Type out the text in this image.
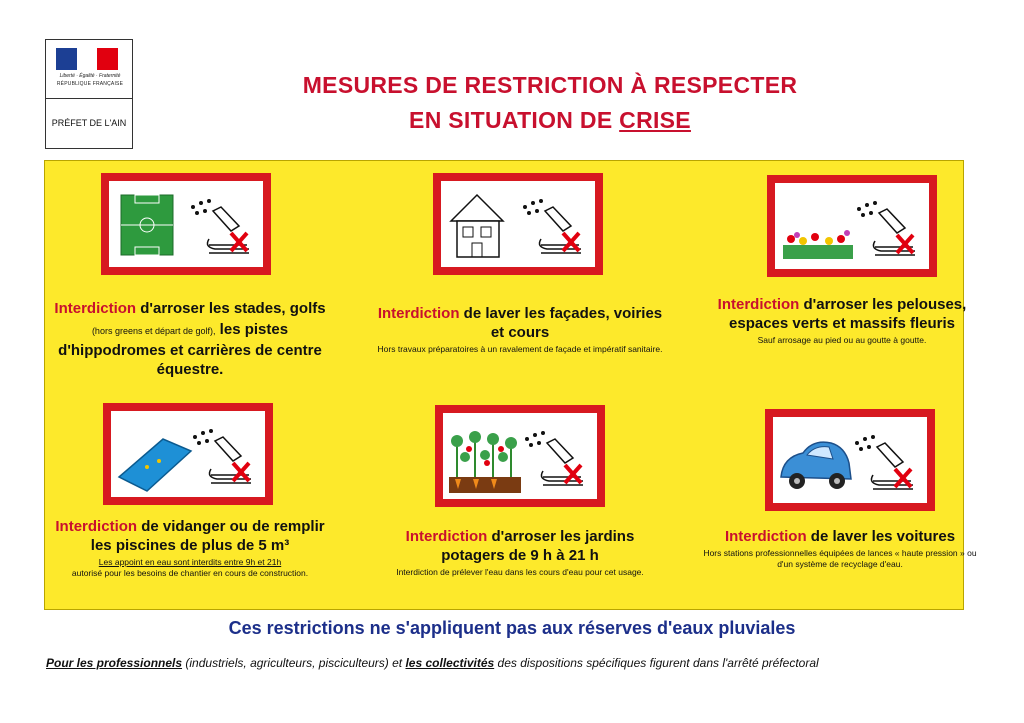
Liberté · Égalité · Fraternité
RÉPUBLIQUE FRANÇAISE
PRÉFET DE L'AIN
MESURES DE RESTRICTION À RESPECTER
EN SITUATION DE CRISE
Interdiction d'arroser les stades, golfs (hors greens et départ de golf), les pistes d'hippodromes et carrières de centre équestre.
Interdiction de laver les façades, voiries et cours
Hors travaux préparatoires à un ravalement de façade et impératif sanitaire.
Interdiction d'arroser les pelouses, espaces verts et massifs fleuris
Sauf arrosage au pied ou au goutte à goutte.
Interdiction de vidanger ou de remplir les piscines de plus de 5 m³
Les appoint en eau sont interdits entre 9h et 21h
autorisé pour les besoins de chantier en cours de construction.
Interdiction d'arroser les jardins potagers de 9 h à 21 h
Interdiction de prélever l'eau dans les cours d'eau pour cet usage.
Interdiction de laver les voitures
Hors stations professionnelles équipées de lances « haute pression » ou d'un système de recyclage d'eau.
Ces restrictions ne s'appliquent pas aux réserves d'eaux pluviales
Pour les professionnels (industriels, agriculteurs, pisciculteurs) et les collectivités des dispositions spécifiques figurent dans l'arrêté préfectoral
